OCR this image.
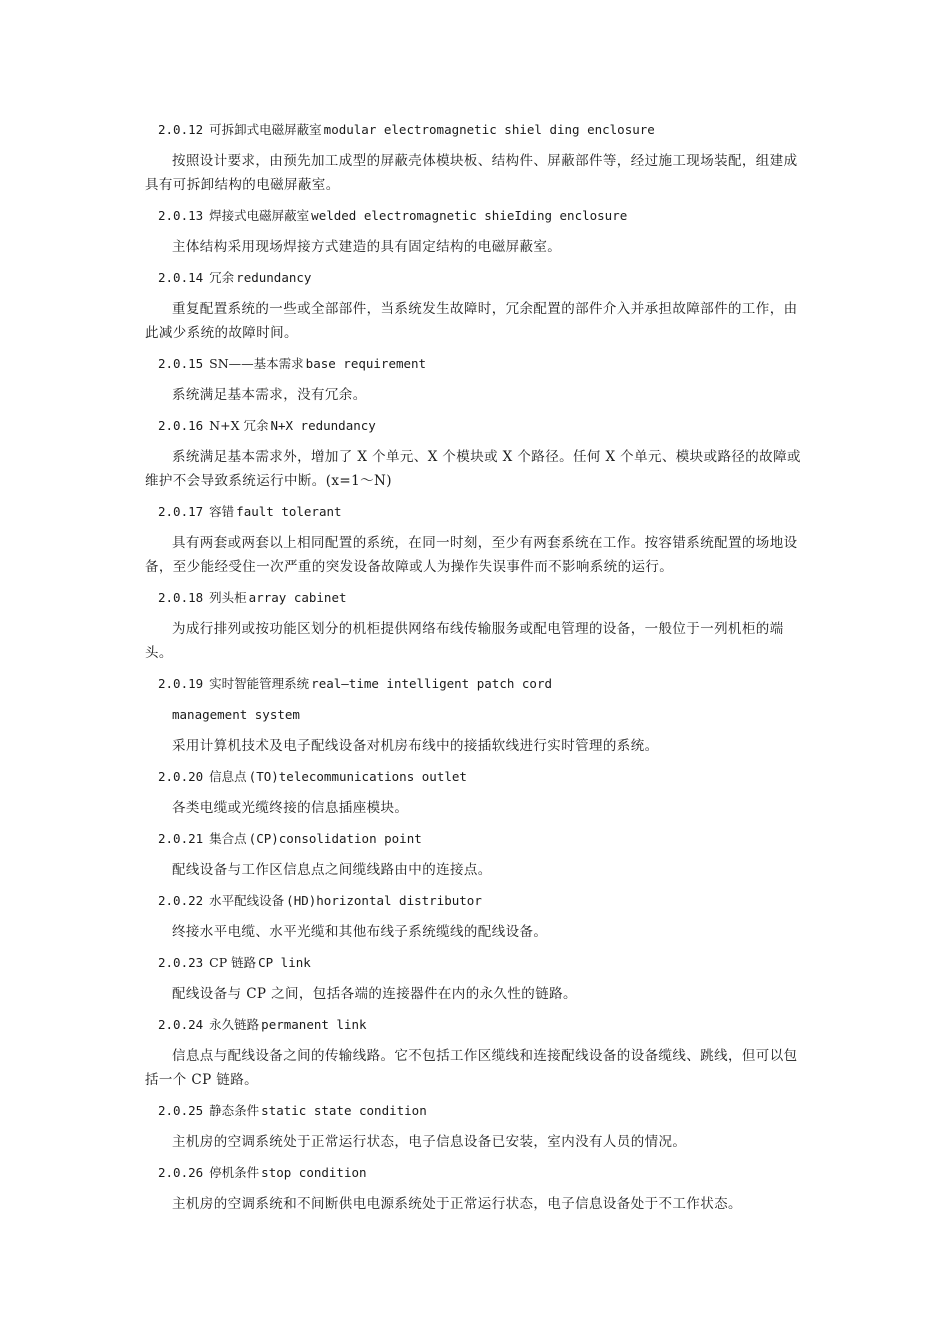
2.0.12 可拆卸式电磁屏蔽室 modular electromagnetic shiel ding enclosure

按照设计要求，由预先加工成型的屏蔽壳体模块板、结构件、屏蔽部件等，经过施工现场装配，组建成具有可拆卸结构的电磁屏蔽室。

2.0.13 焊接式电磁屏蔽室 welded electromagnetic shieIding enclosure

主体结构采用现场焊接方式建造的具有固定结构的电磁屏蔽室。

2.0.14 冗余 redundancy

重复配置系统的一些或全部部件，当系统发生故障时，冗余配置的部件介入并承担故障部件的工作，由此减少系统的故障时间。

2.0.15 SN——基本需求 base requirement

系统满足基本需求，没有冗余。

2.0.16 N+X 冗余 N+X redundancy

系统满足基本需求外，增加了 X 个单元、X 个模块或 X 个路径。任何 X 个单元、模块或路径的故障或维护不会导致系统运行中断。(x=1～N)

2.0.17 容错 fault tolerant

具有两套或两套以上相同配置的系统，在同一时刻，至少有两套系统在工作。按容错系统配置的场地设备，至少能经受住一次严重的突发设备故障或人为操作失误事件而不影响系统的运行。

2.0.18 列头柜 array cabinet

为成行排列或按功能区划分的机柜提供网络布线传输服务或配电管理的设备，一般位于一列机柜的端头。

2.0.19 实时智能管理系统 real—time intelligent patch cord
management system

采用计算机技术及电子配线设备对机房布线中的接插软线进行实时管理的系统。

2.0.20 信息点 (TO)telecommunications outlet

各类电缆或光缆终接的信息插座模块。

2.0.21 集合点 (CP)consolidation point

配线设备与工作区信息点之间缆线路由中的连接点。

2.0.22 水平配线设备 (HD)horizontal distributor

终接水平电缆、水平光缆和其他布线子系统缆线的配线设备。

2.0.23 CP 链路 CP link

配线设备与 CP 之间，包括各端的连接器件在内的永久性的链路。

2.0.24 永久链路 permanent link

信息点与配线设备之间的传输线路。它不包括工作区缆线和连接配线设备的设备缆线、跳线，但可以包括一个 CP 链路。

2.0.25 静态条件 static state condition

主机房的空调系统处于正常运行状态，电子信息设备已安装，室内没有人员的情况。

2.0.26 停机条件 stop condition

主机房的空调系统和不间断供电电源系统处于正常运行状态，电子信息设备处于不工作状态。
